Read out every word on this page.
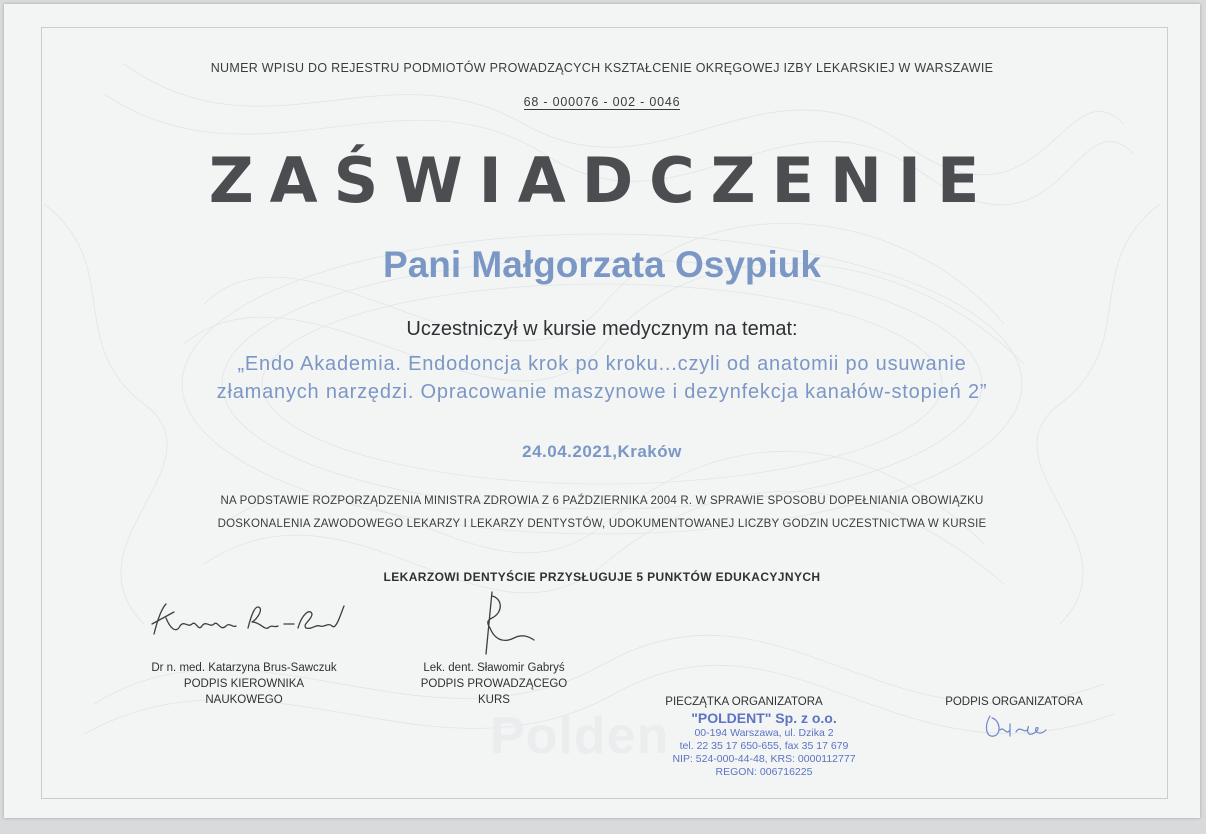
NUMER WPISU DO REJESTRU PODMIOTÓW PROWADZĄCYCH KSZTAŁCENIE OKRĘGOWEJ IZBY LEKARSKIEJ W WARSZAWIE
68 - 000076 - 002 - 0046
ZAŚWIADCZENIE
Pani Małgorzata Osypiuk
Uczestniczył w kursie medycznym na temat:
„Endo Akademia. Endodoncja krok po kroku...czyli od anatomii po usuwanie
złamanych narzędzi. Opracowanie maszynowe i dezynfekcja kanałów-stopień 2”
24.04.2021,Kraków
NA PODSTAWIE ROZPORZĄDZENIA MINISTRA ZDROWIA Z 6 PAŹDZIERNIKA 2004 R. W SPRAWIE SPOSOBU DOPEŁNIANIA OBOWIĄZKU
DOSKONALENIA ZAWODOWEGO LEKARZY I LEKARZY DENTYSTÓW, UDOKUMENTOWANEJ LICZBY GODZIN UCZESTNICTWA W KURSIE
LEKARZOWI DENTYŚCIE PRZYSŁUGUJE 5 PUNKTÓW EDUKACYJNYCH
Dr n. med. Katarzyna Brus-Sawczuk
PODPIS KIEROWNIKA
NAUKOWEGO
Lek. dent. Sławomir Gabryś
PODPIS PROWADZĄCEGO
KURS
Polden
PIECZĄTKA ORGANIZATORA
"POLDENT" Sp. z o.o.
00-194 Warszawa, ul. Dzika 2
tel. 22 35 17 650-655, fax 35 17 679
NIP: 524-000-44-48, KRS: 0000112777
REGON: 006716225
PODPIS ORGANIZATORA
